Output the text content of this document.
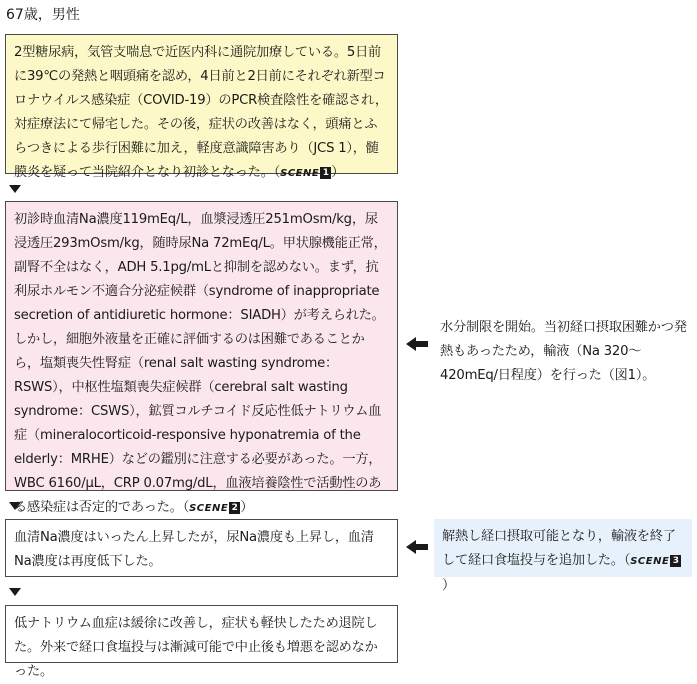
67歳，男性

2型糖尿病，気管支喘息で近医内科に通院加療している。5日前に39℃の発熱と咽頭痛を認め，4日前と2日前にそれぞれ新型コロナウイルス感染症（COVID-19）のPCR検査陰性を確認され，対症療法にて帰宅した。その後，症状の改善はなく，頭痛とふらつきによる歩行困難に加え，軽度意識障害あり（JCS 1），髄膜炎を疑って当院紹介となり初診となった。（SCENE 1 ）

初診時血清Na濃度119mEq/L，血漿浸透圧251mOsm/kg，尿浸透圧293mOsm/kg，随時尿Na 72mEq/L。甲状腺機能正常，副腎不全はなく，ADH 5.1pg/mLと抑制を認めない。まず，抗利尿ホルモン不適合分泌症候群（syndrome of inappropriate secretion of antidiuretic hormone：SIADH）が考えられた。しかし，細胞外液量を正確に評価するのは困難であることから，塩類喪失性腎症（renal salt wasting syndrome：RSWS），中枢性塩類喪失症候群（cerebral salt wasting syndrome：CSWS），鉱質コルチコイド反応性低ナトリウム血症（mineralocorticoid-responsive hyponatremia of the elderly：MRHE）などの鑑別に注意する必要があった。一方，WBC 6160/μL，CRP 0.07mg/dL，血液培養陰性で活動性のある感染症は否定的であった。（SCENE 2 ）

水分制限を開始。当初経口摂取困難かつ発熱もあったため，輸液（Na 320～420mEq/日程度）を行った（図1）。

血清Na濃度はいったん上昇したが，尿Na濃度も上昇し，血清Na濃度は再度低下した。

解熱し経口摂取可能となり，輸液を終了して経口食塩投与を追加した。（SCENE 3）

低ナトリウム血症は緩徐に改善し，症状も軽快したため退院した。外来で経口食塩投与は漸減可能で中止後も増悪を認めなかった。
